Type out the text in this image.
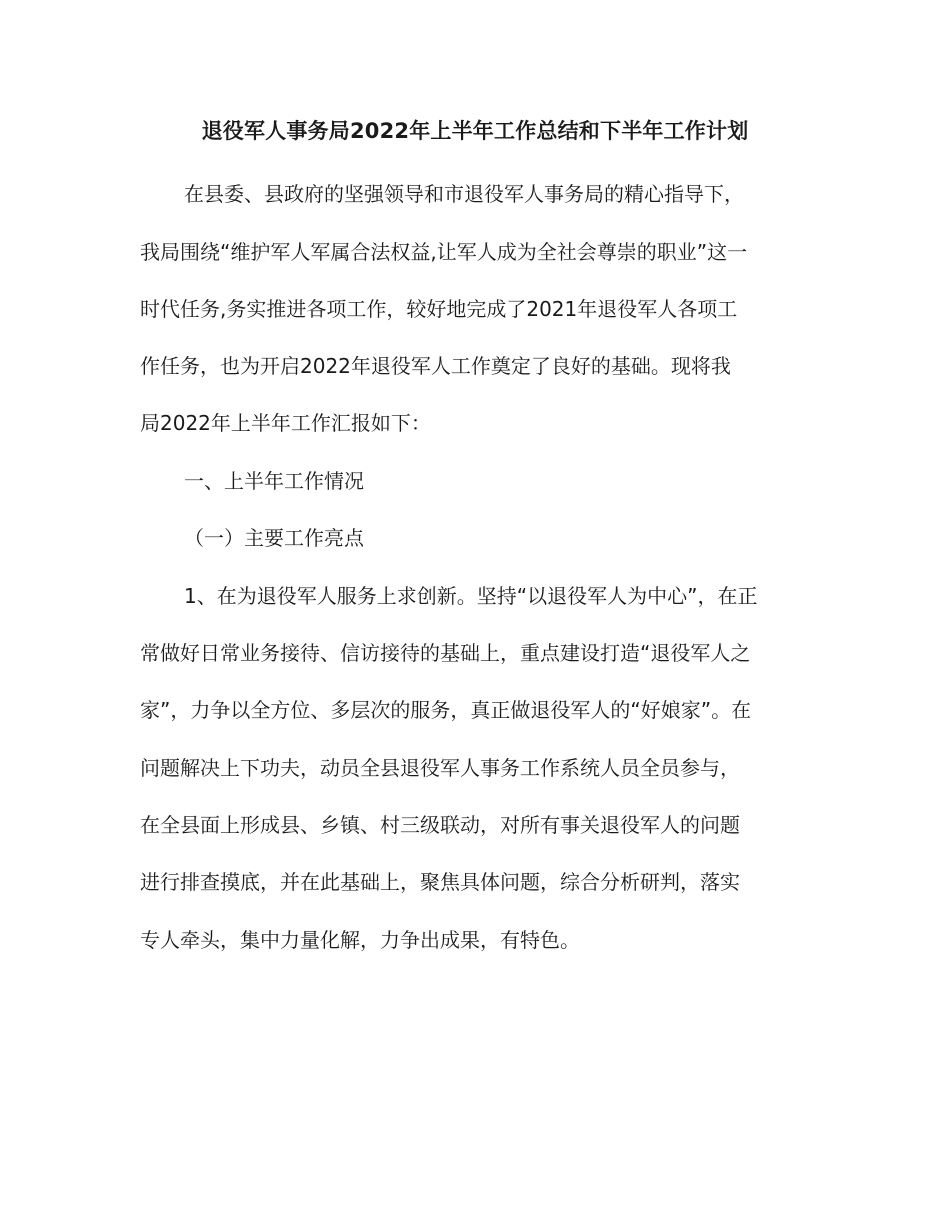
退役军人事务局2022年上半年工作总结和下半年工作计划
在县委、县政府的坚强领导和市退役军人事务局的精心指导下，
我局围绕“维护军人军属合法权益,让军人成为全社会尊崇的职业”这一
时代任务,务实推进各项工作，较好地完成了2021年退役军人各项工
作任务，也为开启2022年退役军人工作奠定了良好的基础。现将我
局2022年上半年工作汇报如下：
一、上半年工作情况
（一）主要工作亮点
1、在为退役军人服务上求创新。坚持“以退役军人为中心”，在正
常做好日常业务接待、信访接待的基础上，重点建设打造“退役军人之
家”，力争以全方位、多层次的服务，真正做退役军人的“好娘家”。在
问题解决上下功夫，动员全县退役军人事务工作系统人员全员参与，
在全县面上形成县、乡镇、村三级联动，对所有事关退役军人的问题
进行排查摸底，并在此基础上，聚焦具体问题，综合分析研判，落实
专人牵头，集中力量化解，力争出成果，有特色。
